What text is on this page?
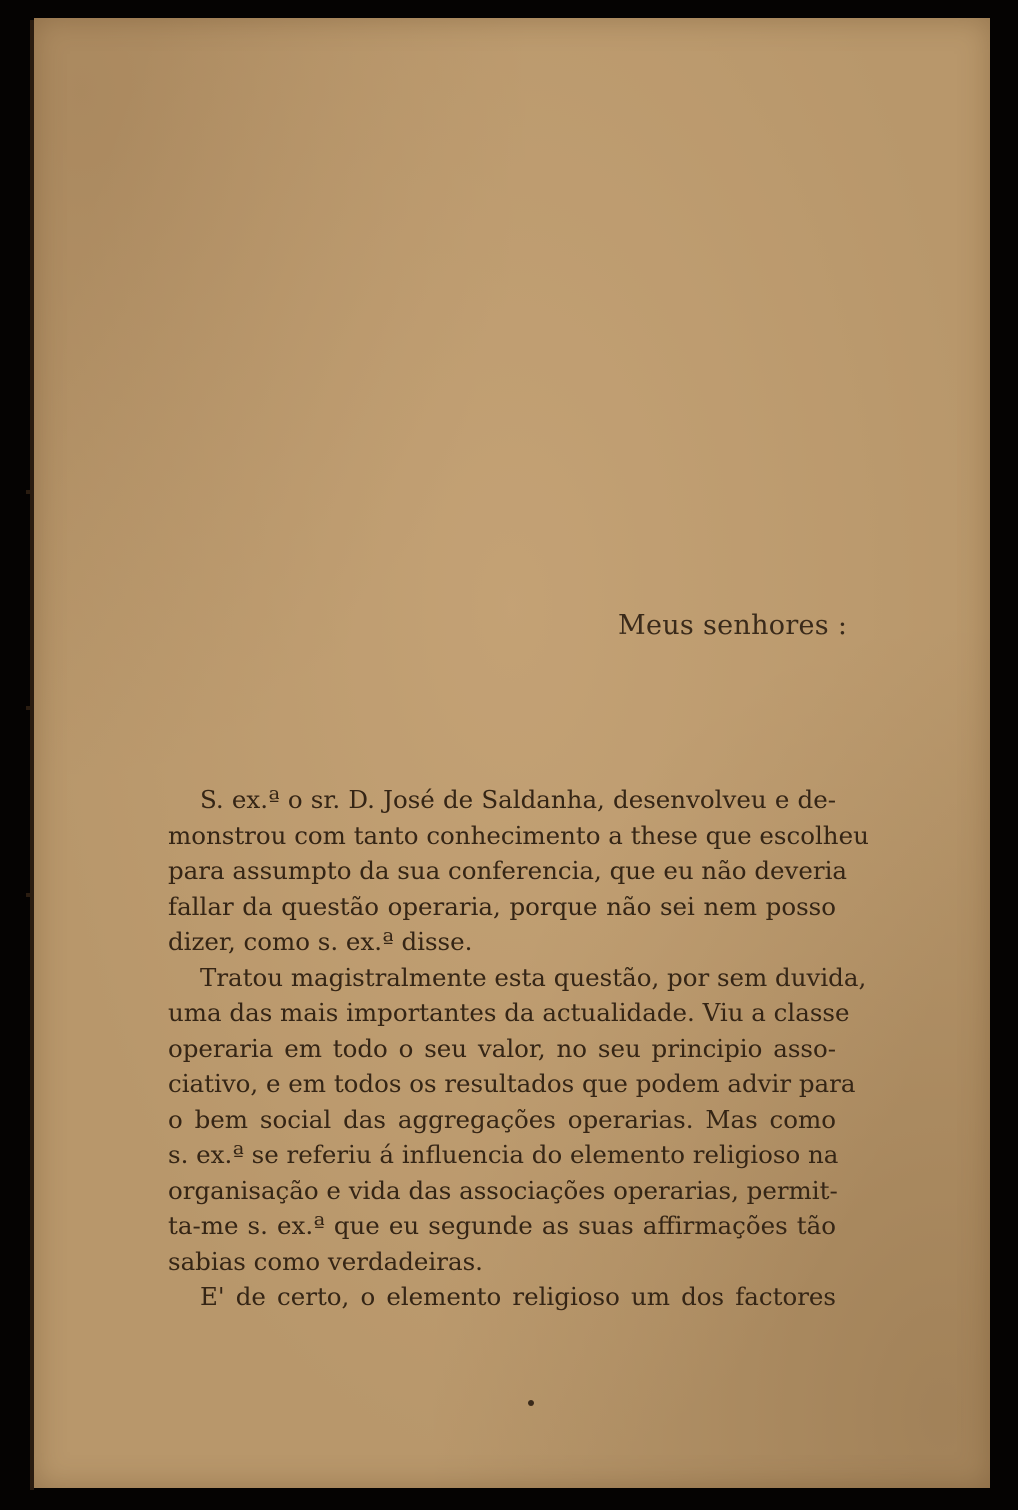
Meus senhores :

S. ex.ª o sr. D. José de Saldanha, desenvolveu e de-
monstrou com tanto conhecimento a these que escolheu
para assumpto da sua conferencia, que eu não deveria
fallar da questão operaria, porque não sei nem posso
dizer, como s. ex.ª disse.
Tratou magistralmente esta questão, por sem duvida,
uma das mais importantes da actualidade. Viu a classe
operaria em todo o seu valor, no seu principio asso-
ciativo, e em todos os resultados que podem advir para
o bem social das aggregações operarias. Mas como
s. ex.ª se referiu á influencia do elemento religioso na
organisação e vida das associações operarias, permit-
ta-me s. ex.ª que eu segunde as suas affirmações tão
sabias como verdadeiras.
E' de certo, o elemento religioso um dos factores
